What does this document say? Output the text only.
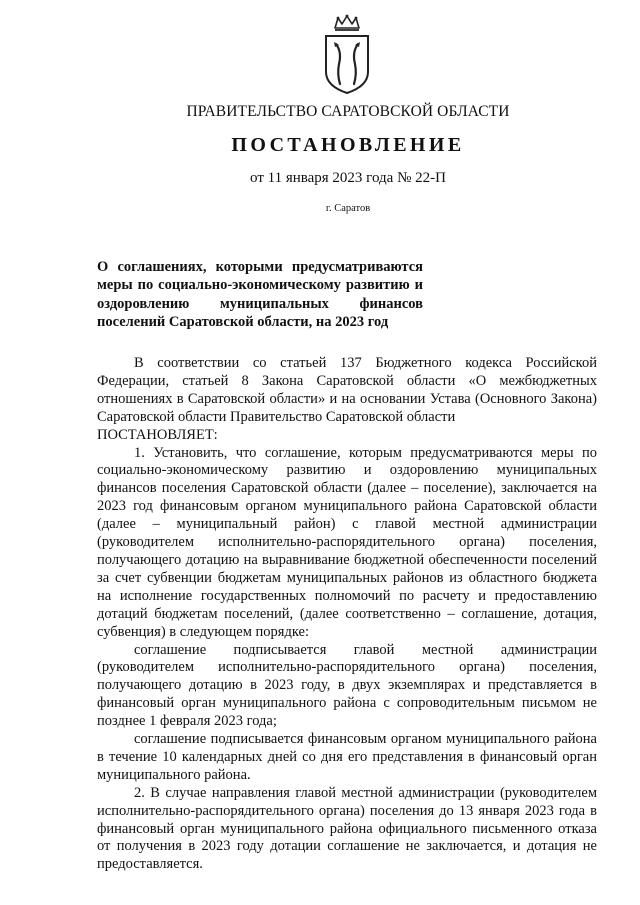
ПРАВИТЕЛЬСТВО САРАТОВСКОЙ ОБЛАСТИ
ПОСТАНОВЛЕНИЕ
от 11 января 2023 года № 22-П
г. Саратов
О соглашениях, которыми предусматриваются меры по социально-экономическому развитию и оздоровлению муниципальных финансов поселений Саратовской области, на 2023 год

В соответствии со статьей 137 Бюджетного кодекса Российской Федерации, статьей 8 Закона Саратовской области «О межбюджетных отношениях в Саратовской области» и на основании Устава (Основного Закона) Саратовской области Правительство Саратовской области

ПОСТАНОВЛЯЕТ:

1. Установить, что соглашение, которым предусматриваются меры по социально-экономическому развитию и оздоровлению муниципальных финансов поселения Саратовской области (далее – поселение), заключается на 2023 год финансовым органом муниципального района Саратовской области (далее – муниципальный район) с главой местной администрации (руководителем исполнительно-распорядительного органа) поселения, получающего дотацию на выравнивание бюджетной обеспеченности поселений за счет субвенции бюджетам муниципальных районов из областного бюджета на исполнение государственных полномочий по расчету и предоставлению дотаций бюджетам поселений, (далее соответственно – соглашение, дотация, субвенция) в следующем порядке:

соглашение подписывается главой местной администрации (руководителем исполнительно-распорядительного органа) поселения, получающего дотацию в 2023 году, в двух экземплярах и представляется в финансовый орган муниципального района с сопроводительным письмом не позднее 1 февраля 2023 года;

соглашение подписывается финансовым органом муниципального района в течение 10 календарных дней со дня его представления в финансовый орган муниципального района.

2. В случае направления главой местной администрации (руководителем исполнительно-распорядительного органа) поселения до 13 января 2023 года в финансовый орган муниципального района официального письменного отказа от получения в 2023 году дотации соглашение не заключается, и дотация не предоставляется.
